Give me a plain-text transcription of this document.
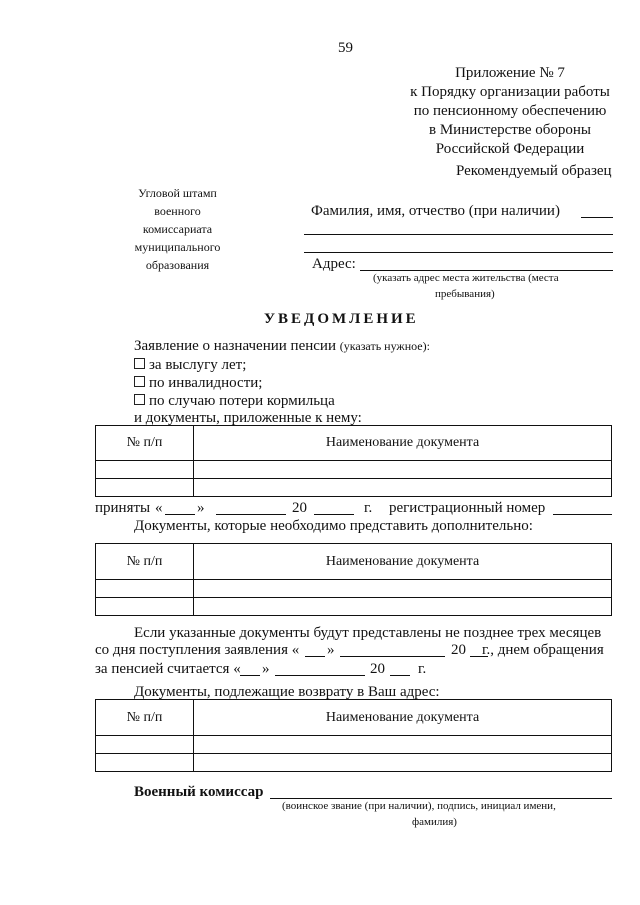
59
Приложение № 7
к Порядку организации работы
по пенсионному обеспечению
в Министерстве обороны
Российской Федерации
Рекомендуемый образец
Угловой штамп
военного
комиссариата
муниципального
образования
Фамилия, имя, отчество (при наличии)
Адрес:
(указать адрес места жительства (места
пребывания)
УВЕДОМЛЕНИЕ
Заявление о назначении пенсии (указать нужное):
за выслугу лет;
по инвалидности;
по случаю потери кормильца
и документы, приложенные к нему:
№ п/п	Наименование документа

приняты « »	20	г. регистрационный номер
Документы, которые необходимо представить дополнительно:
№ п/п	Наименование документа

Если указанные документы будут представлены не позднее трех месяцев
со дня поступления заявления « »	20 г., днем обращения
за пенсией считается « »	20 г.
Документы, подлежащие возврату в Ваш адрес:
№ п/п	Наименование документа

Военный комиссар
(воинское звание (при наличии), подпись, инициал имени,
фамилия)
